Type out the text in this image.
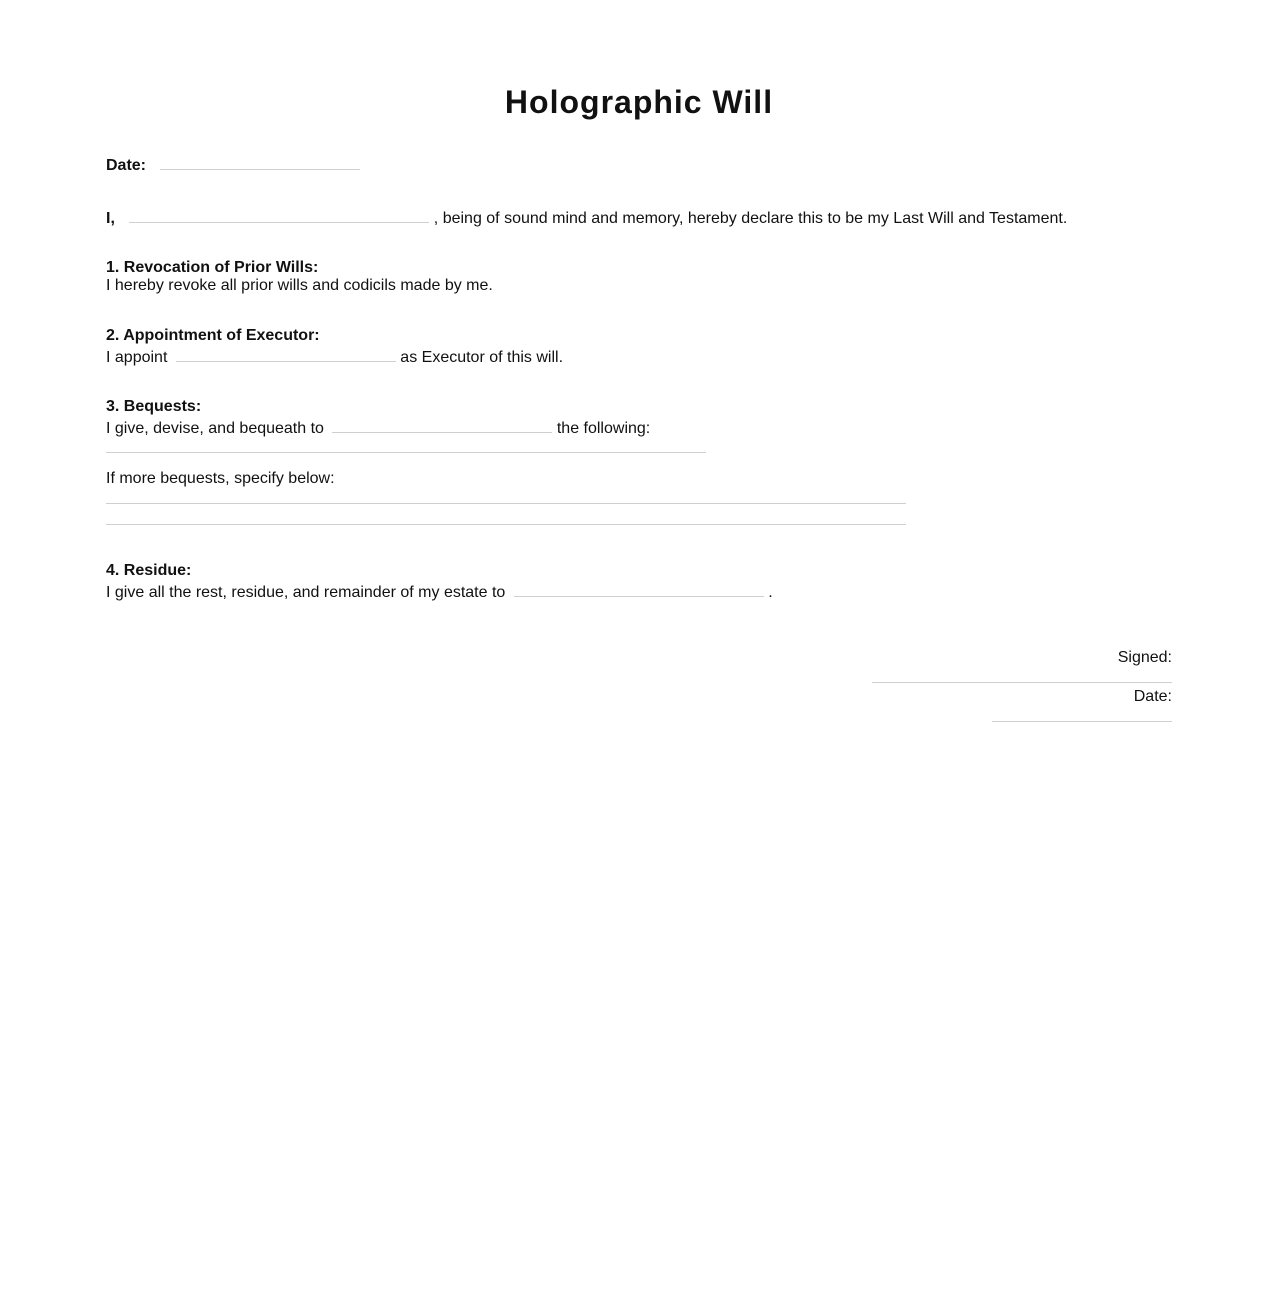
Holographic Will
Date:
I,	, being of sound mind and memory, hereby declare this to be my Last Will and Testament.
1. Revocation of Prior Wills:
I hereby revoke all prior wills and codicils made by me.
2. Appointment of Executor:
I appoint	as Executor of this will.
3. Bequests:
I give, devise, and bequeath to	the following:
If more bequests, specify below:
4. Residue:
I give all the rest, residue, and remainder of my estate to	.
Signed:
Date:
